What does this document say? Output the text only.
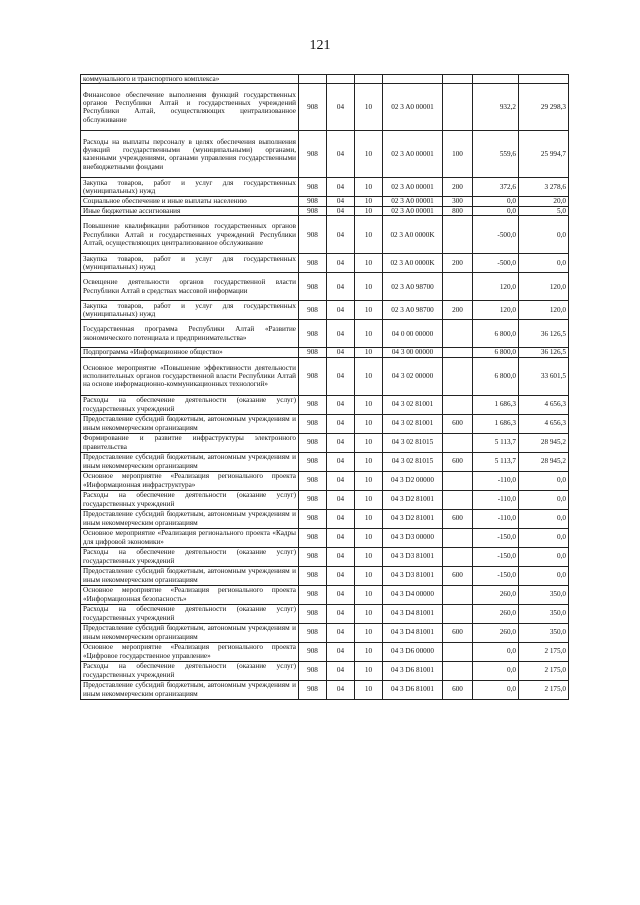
121
коммунального и транспортного комплекса»							
Финансовое обеспечение выполнения функций государственных органов Республики Алтай и государственных учреждений Республики Алтай, осуществляющих централизованное обслуживание	908	04	10	02 3 A0 00001		932,2	29 298,3
Расходы на выплаты персоналу в целях обеспечения выполнения функций государственными (муниципальными) органами, казенными учреждениями, органами управления государственными внебюджетными фондами	908	04	10	02 3 A0 00001	100	559,6	25 994,7
Закупка товаров, работ и услуг для государственных (муниципальных) нужд	908	04	10	02 3 A0 00001	200	372,6	3 278,6
Социальное обеспечение и иные выплаты населению	908	04	10	02 3 A0 00001	300	0,0	20,0
Иные бюджетные ассигнования	908	04	10	02 3 A0 00001	800	0,0	5,0
Повышение квалификации работников государственных органов Республики Алтай и государственных учреждений Республики Алтай, осуществляющих централизованное обслуживание	908	04	10	02 3 A0 0000K		-500,0	0,0
Закупка товаров, работ и услуг для государственных (муниципальных) нужд	908	04	10	02 3 A0 0000K	200	-500,0	0,0
Освещение деятельности органов государственной власти Республики Алтай в средствах массовой информации	908	04	10	02 3 A0 98700		120,0	120,0
Закупка товаров, работ и услуг для государственных (муниципальных) нужд	908	04	10	02 3 A0 98700	200	120,0	120,0
Государственная программа Республики Алтай «Развитие экономического потенциала и предпринимательства»	908	04	10	04 0 00 00000		6 800,0	36 126,5
Подпрограмма «Информационное общество»	908	04	10	04 3 00 00000		6 800,0	36 126,5
Основное мероприятие «Повышение эффективности деятельности исполнительных органов государственной власти Республики Алтай на основе информационно-коммуникационных технологий»	908	04	10	04 3 02 00000		6 800,0	33 601,5
Расходы на обеспечение деятельности (оказание услуг) государственных учреждений	908	04	10	04 3 02 81001		1 686,3	4 656,3
Предоставление субсидий бюджетным, автономным учреждениям и иным некоммерческим организациям	908	04	10	04 3 02 81001	600	1 686,3	4 656,3
Формирование и развитие инфраструктуры электронного правительства	908	04	10	04 3 02 81015		5 113,7	28 945,2
Предоставление субсидий бюджетным, автономным учреждениям и иным некоммерческим организациям	908	04	10	04 3 02 81015	600	5 113,7	28 945,2
Основное мероприятие «Реализация регионального проекта «Информационная инфраструктура»	908	04	10	04 3 D2 00000		-110,0	0,0
Расходы на обеспечение деятельности (оказание услуг) государственных учреждений	908	04	10	04 3 D2 81001		-110,0	0,0
Предоставление субсидий бюджетным, автономным учреждениям и иным некоммерческим организациям	908	04	10	04 3 D2 81001	600	-110,0	0,0
Основное мероприятие «Реализация регионального проекта «Кадры для цифровой экономики»	908	04	10	04 3 D3 00000		-150,0	0,0
Расходы на обеспечение деятельности (оказание услуг) государственных учреждений	908	04	10	04 3 D3 81001		-150,0	0,0
Предоставление субсидий бюджетным, автономным учреждениям и иным некоммерческим организациям	908	04	10	04 3 D3 81001	600	-150,0	0,0
Основное мероприятие «Реализация регионального проекта «Информационная безопасность»	908	04	10	04 3 D4 00000		260,0	350,0
Расходы на обеспечение деятельности (оказание услуг) государственных учреждений	908	04	10	04 3 D4 81001		260,0	350,0
Предоставление субсидий бюджетным, автономным учреждениям и иным некоммерческим организациям	908	04	10	04 3 D4 81001	600	260,0	350,0
Основное мероприятие «Реализация регионального проекта «Цифровое государственное управление»	908	04	10	04 3 D6 00000		0,0	2 175,0
Расходы на обеспечение деятельности (оказание услуг) государственных учреждений	908	04	10	04 3 D6 81001		0,0	2 175,0
Предоставление субсидий бюджетным, автономным учреждениям и иным некоммерческим организациям	908	04	10	04 3 D6 81001	600	0,0	2 175,0
